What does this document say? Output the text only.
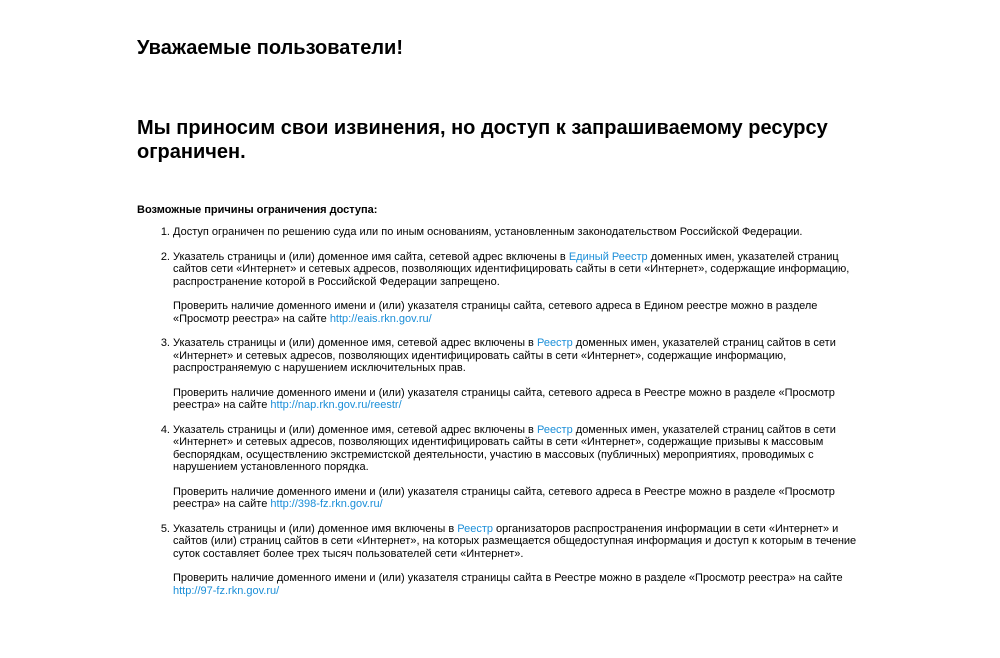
Уважаемые пользователи!
Мы приносим свои извинения, но доступ к запрашиваемому ресурсу ограничен.

Возможные причины ограничения доступа:

1. Доступ ограничен по решению суда или по иным основаниям, установленным законодательством Российской Федерации.

2. Указатель страницы и (или) доменное имя сайта, сетевой адрес включены в Единый Реестр доменных имен, указателей страниц сайтов сети «Интернет» и сетевых адресов, позволяющих идентифицировать сайты в сети «Интернет», содержащие информацию, распространение которой в Российской Федерации запрещено.

Проверить наличие доменного имени и (или) указателя страницы сайта, сетевого адреса в Едином реестре можно в разделе «Просмотр реестра» на сайте http://eais.rkn.gov.ru/

3. Указатель страницы и (или) доменное имя, сетевой адрес включены в Реестр доменных имен, указателей страниц сайтов в сети «Интернет» и сетевых адресов, позволяющих идентифицировать сайты в сети «Интернет», содержащие информацию, распространяемую с нарушением исключительных прав.

Проверить наличие доменного имени и (или) указателя страницы сайта, сетевого адреса в Реестре можно в разделе «Просмотр реестра» на сайте http://nap.rkn.gov.ru/reestr/

4. Указатель страницы и (или) доменное имя, сетевой адрес включены в Реестр доменных имен, указателей страниц сайтов в сети «Интернет» и сетевых адресов, позволяющих идентифицировать сайты в сети «Интернет», содержащие призывы к массовым беспорядкам, осуществлению экстремистской деятельности, участию в массовых (публичных) мероприятиях, проводимых с нарушением установленного порядка.

Проверить наличие доменного имени и (или) указателя страницы сайта, сетевого адреса в Реестре можно в разделе «Просмотр реестра» на сайте http://398-fz.rkn.gov.ru/

5. Указатель страницы и (или) доменное имя включены в Реестр организаторов распространения информации в сети «Интернет» и сайтов (или) страниц сайтов в сети «Интернет», на которых размещается общедоступная информация и доступ к которым в течение суток составляет более трех тысяч пользователей сети «Интернет».

Проверить наличие доменного имени и (или) указателя страницы сайта в Реестре можно в разделе «Просмотр реестра» на сайте http://97-fz.rkn.gov.ru/
